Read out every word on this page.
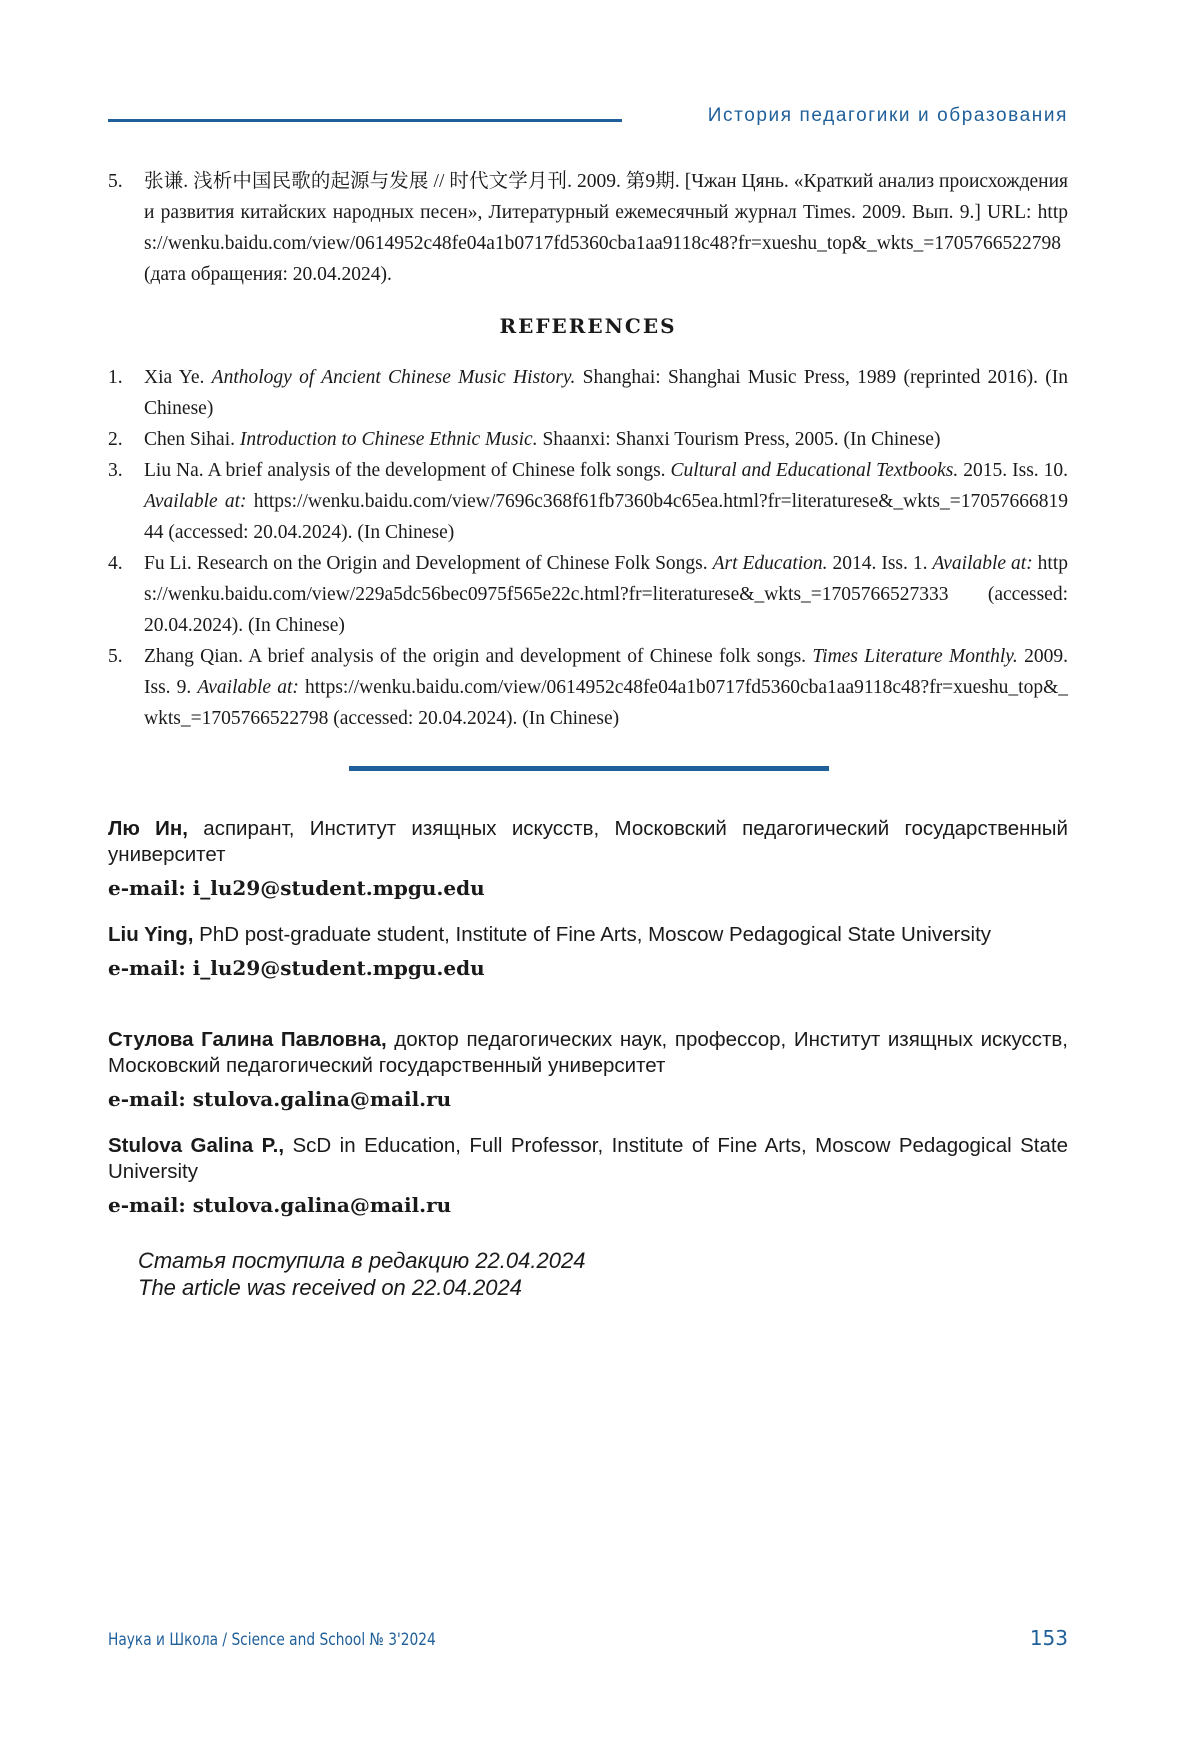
История педагогики и образования
5. 张谦. 浅析中国民歌的起源与发展 // 时代文学月刊. 2009. 第9期. [Чжан Цянь. «Краткий анализ происхождения и развития китайских народных песен», Литературный ежемесячный журнал Times. 2009. Вып. 9.] URL: https://wenku.baidu.com/view/0614952c48fe04a1b0717fd5360cba1aa9118c48?fr=xueshu_top&_wkts_=1705766522798 (дата обращения: 20.04.2024).
REFERENCES
1. Xia Ye. Anthology of Ancient Chinese Music History. Shanghai: Shanghai Music Press, 1989 (reprinted 2016). (In Chinese)
2. Chen Sihai. Introduction to Chinese Ethnic Music. Shaanxi: Shanxi Tourism Press, 2005. (In Chinese)
3. Liu Na. A brief analysis of the development of Chinese folk songs. Cultural and Educational Textbooks. 2015. Iss. 10. Available at: https://wenku.baidu.com/view/7696c368f61fb7360b4c65ea.html?fr=literaturese&_wkts_=1705766681944 (accessed: 20.04.2024). (In Chinese)
4. Fu Li. Research on the Origin and Development of Chinese Folk Songs. Art Education. 2014. Iss. 1. Available at: https://wenku.baidu.com/view/229a5dc56bec0975f565e22c.html?fr=literaturese&_wkts_=1705766527333 (accessed: 20.04.2024). (In Chinese)
5. Zhang Qian. A brief analysis of the origin and development of Chinese folk songs. Times Literature Monthly. 2009. Iss. 9. Available at: https://wenku.baidu.com/view/0614952c48fe04a1b0717fd5360cba1aa9118c48?fr=xueshu_top&_wkts_=1705766522798 (accessed: 20.04.2024). (In Chinese)
Лю Ин, аспирант, Институт изящных искусств, Московский педагогический государственный университет
e-mail: i_lu29@student.mpgu.edu
Liu Ying, PhD post-graduate student, Institute of Fine Arts, Moscow Pedagogical State University
e-mail: i_lu29@student.mpgu.edu
Стулова Галина Павловна, доктор педагогических наук, профессор, Институт изящных искусств, Московский педагогический государственный университет
e-mail: stulova.galina@mail.ru
Stulova Galina P., ScD in Education, Full Professor, Institute of Fine Arts, Moscow Pedagogical State University
e-mail: stulova.galina@mail.ru
Статья поступила в редакцию 22.04.2024
The article was received on 22.04.2024
Наука и Школа / Science and School № 3'2024	153
